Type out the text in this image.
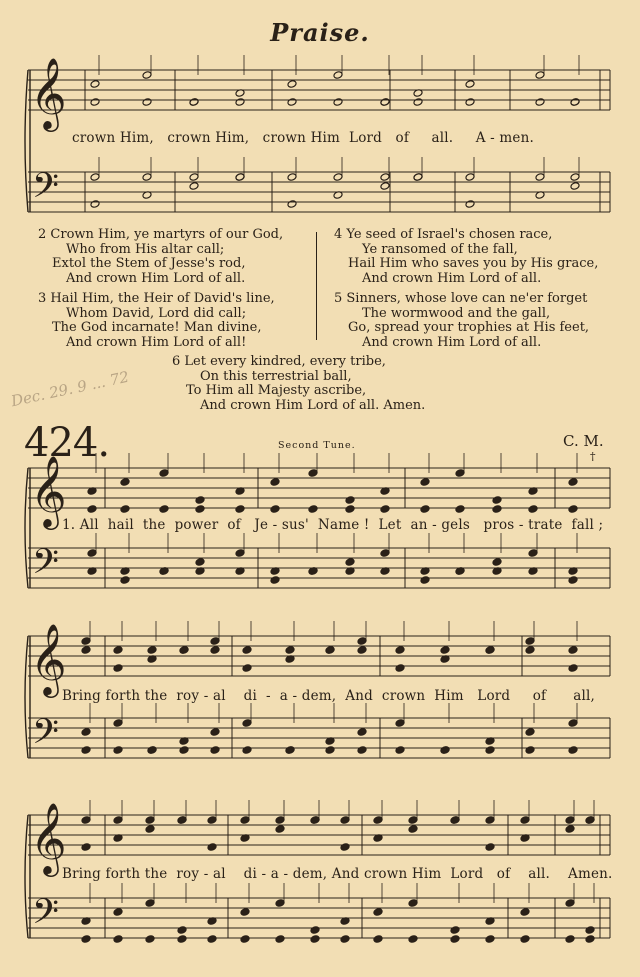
Praise.
𝄞
𝄢
𝄞
𝄢
𝄞
𝄢
𝄞
𝄢
crown Him,   crown Him,   crown Him  Lord   of     all.     A - men.
2 Crown Him, ye martyrs of our God,
Who from His altar call;
Extol the Stem of Jesse's rod,
And crown Him Lord of all.
3 Hail Him, the Heir of David's line,
Whom David, Lord did call;
The God incarnate! Man divine,
And crown Him Lord of all!
4 Ye seed of Israel's chosen race,
Ye ransomed of the fall,
Hail Him who saves you by His grace,
And crown Him Lord of all.
5 Sinners, whose love can ne'er forget
The wormwood and the gall,
Go, spread your trophies at His feet,
And crown Him Lord of all.
6 Let every kindred, every tribe,
On this terrestrial ball,
To Him all Majesty ascribe,
And crown Him Lord of all. Amen.
Dec. 29. 9 ... 72
424.	Second Tune.	C. M.
†
1. All  hail  the  power  of   Je - sus'  Name !  Let  an - gels   pros - trate  fall ;
Bring forth the  roy - al    di  -  a - dem,  And  crown  Him   Lord     of      all,
Bring forth the  roy - al    di - a - dem, And crown Him  Lord   of    all.    Amen.
